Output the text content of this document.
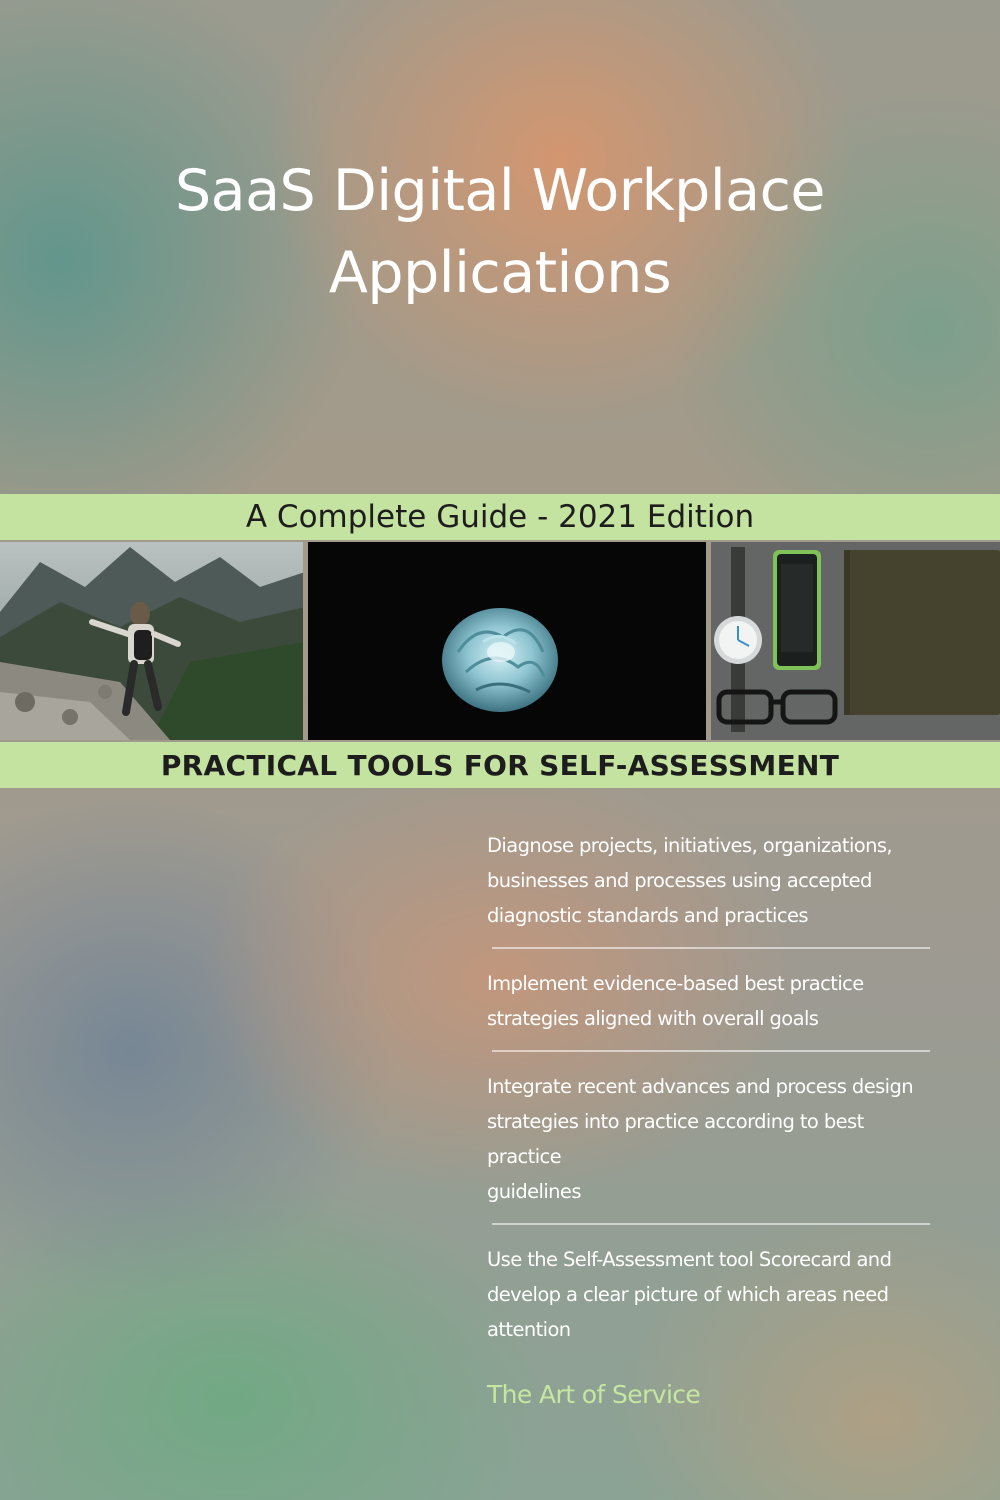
SaaS Digital Workplace
Applications
A Complete Guide - 2021 Edition
PRACTICAL TOOLS FOR SELF-ASSESSMENT
Diagnose projects, initiatives, organizations,
businesses and processes using accepted
diagnostic standards and practices
Implement evidence-based best practice
strategies aligned with overall goals
Integrate recent advances and process design
strategies into practice according to best practice
guidelines
Use the Self-Assessment tool Scorecard and
develop a clear picture of which areas need
attention
The Art of Service
